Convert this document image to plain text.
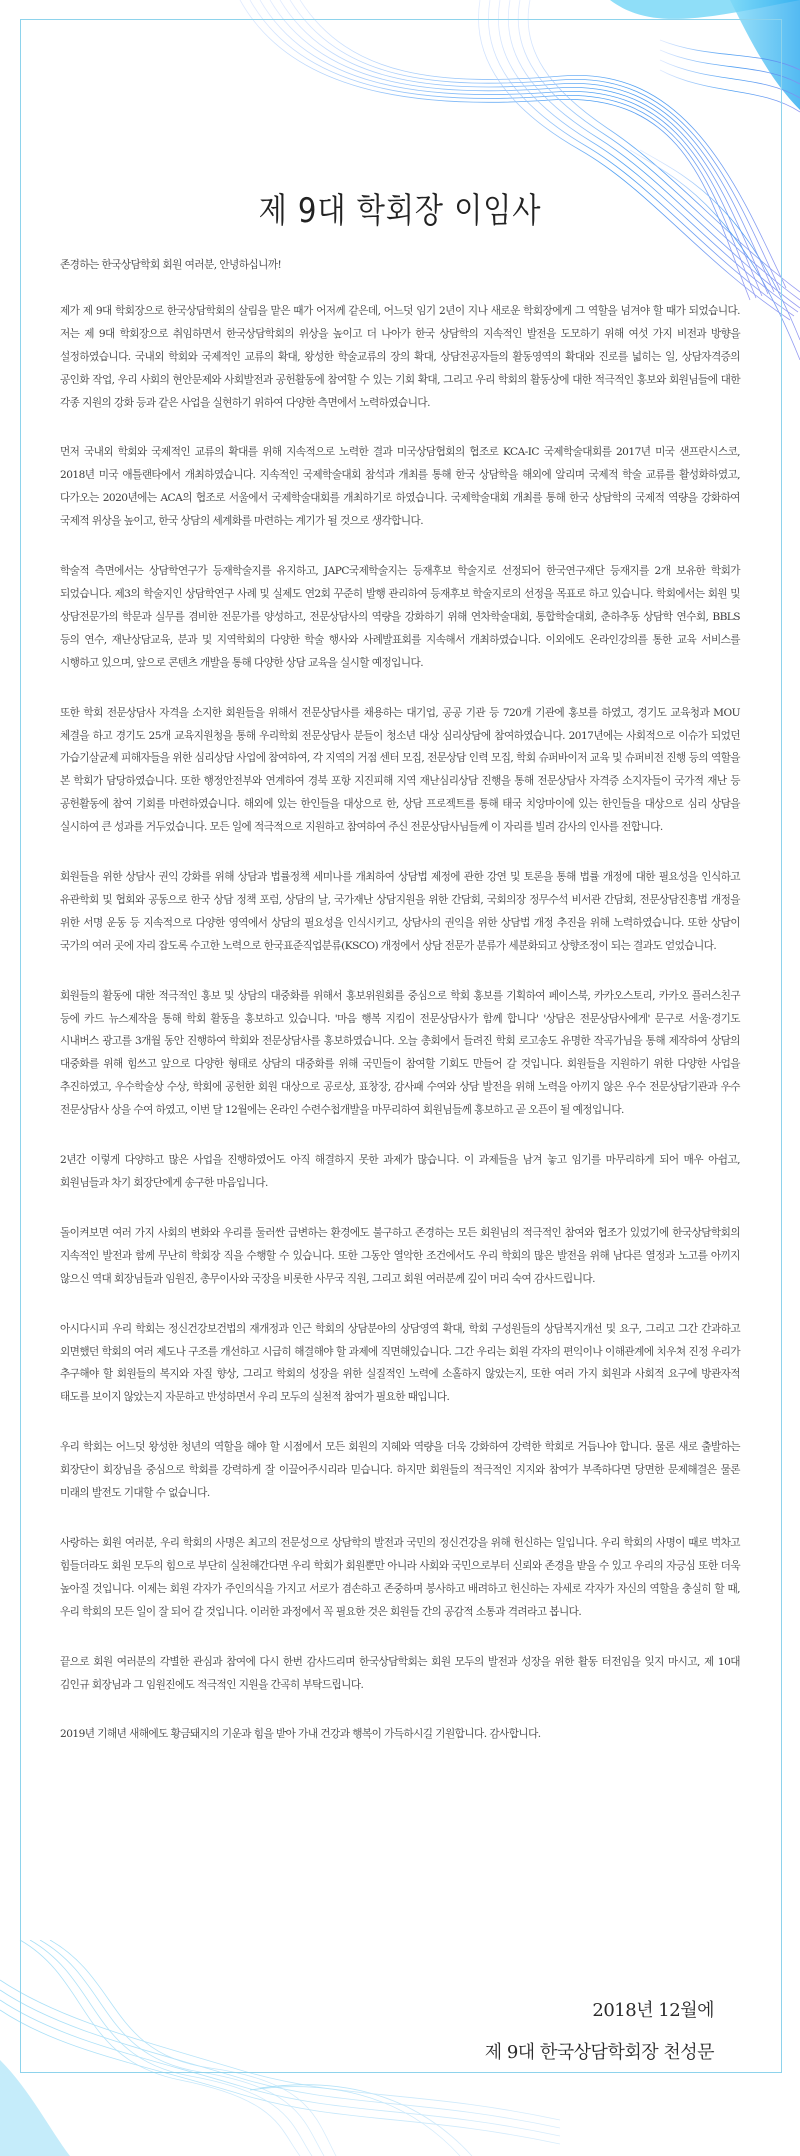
제 9대 학회장 이임사

존경하는 한국상담학회 회원 여러분, 안녕하십니까!

제가 제 9대 학회장으로 한국상담학회의 살림을 맡은 때가 어저께 같은데, 어느덧 임기 2년이 지나 새로운 학회장에게 그 역할을 넘겨야 할 때가 되었습니다. 저는 제 9대 학회장으로 취임하면서 한국상담학회의 위상을 높이고 더 나아가 한국 상담학의 지속적인 발전을 도모하기 위해 여섯 가지 비전과 방향을 설정하였습니다. 국내외 학회와 국제적인 교류의 확대, 왕성한 학술교류의 장의 확대, 상담전공자들의 활동영역의 확대와 진로를 넓히는 일, 상담자격증의 공인화 작업, 우리 사회의 현안문제와 사회발전과 공헌활동에 참여할 수 있는 기회 확대, 그리고 우리 학회의 활동상에 대한 적극적인 홍보와 회원님들에 대한 각종 지원의 강화 등과 같은 사업을 실현하기 위하여 다양한 측면에서 노력하였습니다.

먼저 국내외 학회와 국제적인 교류의 확대를 위해 지속적으로 노력한 결과 미국상담협회의 협조로 KCA-IC 국제학술대회를 2017년 미국 샌프란시스코, 2018년 미국 애틀랜타에서 개최하였습니다. 지속적인 국제학술대회 참석과 개최를 통해 한국 상담학을 해외에 알리며 국제적 학술 교류를 활성화하였고, 다가오는 2020년에는 ACA의 협조로 서울에서 국제학술대회를 개최하기로 하였습니다. 국제학술대회 개최를 통해 한국 상담학의 국제적 역량을 강화하여 국제적 위상을 높이고, 한국 상담의 세계화를 마련하는 계기가 될 것으로 생각합니다.

학술적 측면에서는 상담학연구가 등재학술지를 유지하고, JAPC국제학술지는 등재후보 학술지로 선정되어 한국연구재단 등재지를 2개 보유한 학회가 되었습니다. 제3의 학술지인 상담학연구 사례 및 실제도 연2회 꾸준히 발행 관리하여 등재후보 학술지로의 선정을 목표로 하고 있습니다. 학회에서는 회원 및 상담전문가의 학문과 실무를 겸비한 전문가를 양성하고, 전문상담사의 역량을 강화하기 위해 연차학술대회, 통합학술대회, 춘하추동 상담학 연수회, BBLS 등의 연수, 재난상담교육, 분과 및 지역학회의 다양한 학술 행사와 사례발표회를 지속해서 개최하였습니다. 이외에도 온라인강의를 통한 교육 서비스를 시행하고 있으며, 앞으로 콘텐츠 개발을 통해 다양한 상담 교육을 실시할 예정입니다.

또한 학회 전문상담사 자격을 소지한 회원들을 위해서 전문상담사를 채용하는 대기업, 공공 기관 등 720개 기관에 홍보를 하였고, 경기도 교육청과 MOU 체결을 하고 경기도 25개 교육지원청을 통해 우리학회 전문상담사 분들이 청소년 대상 심리상담에 참여하였습니다. 2017년에는 사회적으로 이슈가 되었던 가습기살균제 피해자들을 위한 심리상담 사업에 참여하여, 각 지역의 거점 센터 모집, 전문상담 인력 모집, 학회 슈퍼바이저 교육 및 슈퍼비전 진행 등의 역할을 본 학회가 담당하였습니다. 또한 행정안전부와 연계하여 경북 포항 지진피해 지역 재난심리상담 진행을 통해 전문상담사 자격증 소지자들이 국가적 재난 등 공헌활동에 참여 기회를 마련하였습니다. 해외에 있는 한인들을 대상으로 한, 상담 프로젝트를 통해 태국 치앙마이에 있는 한인들을 대상으로 심리 상담을 실시하여 큰 성과를 거두었습니다. 모든 일에 적극적으로 지원하고 참여하여 주신 전문상담사님들께 이 자리를 빌려 감사의 인사를 전합니다.

회원들을 위한 상담사 권익 강화를 위해 상담과 법률정책 세미나를 개최하여 상담법 제정에 관한 강연 및 토론을 통해 법률 개정에 대한 필요성을 인식하고 유관학회 및 협회와 공동으로 한국 상담 정책 포럼, 상담의 날, 국가재난 상담지원을 위한 간담회, 국회의장 정무수석 비서관 간담회, 전문상담진흥법 개정을 위한 서명 운동 등 지속적으로 다양한 영역에서 상담의 필요성을 인식시키고, 상담사의 권익을 위한 상담법 개정 추진을 위해 노력하였습니다. 또한 상담이 국가의 여러 곳에 자리 잡도록 수고한 노력으로 한국표준직업분류(KSCO) 개정에서 상담 전문가 분류가 세분화되고 상향조정이 되는 결과도 얻었습니다.

회원들의 활동에 대한 적극적인 홍보 및 상담의 대중화를 위해서 홍보위원회를 중심으로 학회 홍보를 기획하여 페이스북, 카카오스토리, 카카오 플러스친구 등에 카드 뉴스제작을 통해 학회 활동을 홍보하고 있습니다. '마음 행복 지킴이 전문상담사가 함께 합니다' '상담은 전문상담사에게' 문구로 서울·경기도 시내버스 광고를 3개월 동안 진행하여 학회와 전문상담사를 홍보하였습니다. 오늘 총회에서 들려진 학회 로고송도 유명한 작곡가님을 통해 제작하여 상담의 대중화를 위해 힘쓰고 앞으로 다양한 형태로 상담의 대중화를 위해 국민들이 참여할 기회도 만들어 갈 것입니다. 회원들을 지원하기 위한 다양한 사업을 추진하였고, 우수학술상 수상, 학회에 공헌한 회원 대상으로 공로상, 표창장, 감사패 수여와 상담 발전을 위해 노력을 아끼지 않은 우수 전문상담기관과 우수 전문상담사 상을 수여 하였고, 이번 달 12월에는 온라인 수련수첩개발을 마무리하여 회원님들께 홍보하고 곧 오픈이 될 예정입니다.

2년간 이렇게 다양하고 많은 사업을 진행하였어도 아직 해결하지 못한 과제가 많습니다. 이 과제들을 남겨 놓고 임기를 마무리하게 되어 매우 아쉽고, 회원님들과 차기 회장단에게 송구한 마음입니다.

돌이켜보면 여러 가지 사회의 변화와 우리를 둘러싼 급변하는 환경에도 불구하고 존경하는 모든 회원님의 적극적인 참여와 협조가 있었기에 한국상담학회의 지속적인 발전과 함께 무난히 학회장 직을 수행할 수 있습니다. 또한 그동안 열악한 조건에서도 우리 학회의 많은 발전을 위해 남다른 열정과 노고를 아끼지 않으신 역대 회장님들과 임원진, 총무이사와 국장을 비롯한 사무국 직원, 그리고 회원 여러분께 깊이 머리 숙여 감사드립니다.

아시다시피 우리 학회는 정신건강보건법의 재개정과 인근 학회의 상담분야의 상담영역 확대, 학회 구성원들의 상담복지개선 및 요구, 그리고 그간 간과하고 외면했던 학회의 여러 제도나 구조를 개선하고 시급히 해결해야 할 과제에 직면해있습니다. 그간 우리는 회원 각자의 편익이나 이해관계에 치우쳐 진정 우리가 추구해야 할 회원들의 복지와 자질 향상, 그리고 학회의 성장을 위한 실질적인 노력에 소홀하지 않았는지, 또한 여러 가지 회원과 사회적 요구에 방관자적 태도를 보이지 않았는지 자문하고 반성하면서 우리 모두의 실천적 참여가 필요한 때입니다.

우리 학회는 어느덧 왕성한 청년의 역할을 해야 할 시점에서 모든 회원의 지혜와 역량을 더욱 강화하여 강력한 학회로 거듭나야 합니다. 물론 새로 출발하는 회장단이 회장님을 중심으로 학회를 강력하게 잘 이끌어주시리라 믿습니다. 하지만 회원들의 적극적인 지지와 참여가 부족하다면 당면한 문제해결은 물론 미래의 발전도 기대할 수 없습니다.

사랑하는 회원 여러분, 우리 학회의 사명은 최고의 전문성으로 상담학의 발전과 국민의 정신건강을 위해 헌신하는 일입니다. 우리 학회의 사명이 때로 벅차고 힘들더라도 회원 모두의 힘으로 부단히 실천해간다면 우리 학회가 회원뿐만 아니라 사회와 국민으로부터 신뢰와 존경을 받을 수 있고 우리의 자긍심 또한 더욱 높아질 것입니다. 이제는 회원 각자가 주인의식을 가지고 서로가 겸손하고 존중하며 봉사하고 배려하고 헌신하는 자세로 각자가 자신의 역할을 충실히 할 때, 우리 학회의 모든 일이 잘 되어 갈 것입니다. 이러한 과정에서 꼭 필요한 것은 회원들 간의 공감적 소통과 격려라고 봅니다.

끝으로 회원 여러분의 각별한 관심과 참여에 다시 한번 감사드리며 한국상담학회는 회원 모두의 발전과 성장을 위한 활동 터전임을 잊지 마시고, 제 10대 김인규 회장님과 그 임원진에도 적극적인 지원을 간곡히 부탁드립니다.

2019년 기해년 새해에도 황금돼지의 기운과 힘을 받아 가내 건강과 행복이 가득하시길 기원합니다. 감사합니다.

2018년 12월에
제 9대 한국상담학회장 천성문
